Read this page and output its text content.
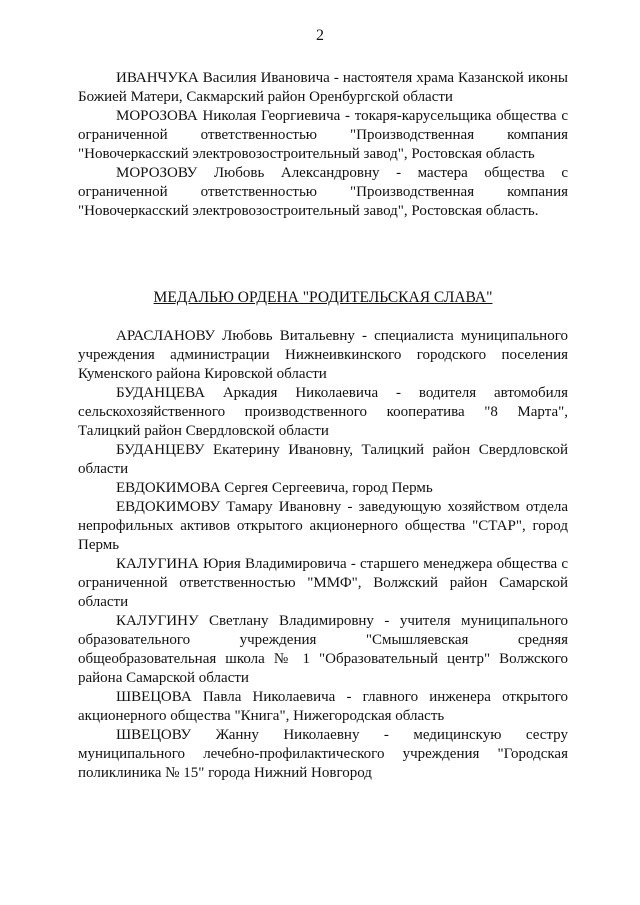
2

ИВАНЧУКА Василия Ивановича - настоятеля храма Казанской иконы Божией Матери, Сакмарский район Оренбургской области

МОРОЗОВА Николая Георгиевича - токаря-карусельщика общества с ограниченной ответственностью "Производственная компания "Новочеркасский электровозостроительный завод", Ростовская область

МОРОЗОВУ Любовь Александровну - мастера общества с ограниченной ответственностью "Производственная компания "Новочеркасский электровозостроительный завод", Ростовская область.

МЕДАЛЬЮ ОРДЕНА "РОДИТЕЛЬСКАЯ СЛАВА"

АРАСЛАНОВУ Любовь Витальевну - специалиста муниципального учреждения администрации Нижнеивкинского городского поселения Куменского района Кировской области

БУДАНЦЕВА Аркадия Николаевича - водителя автомобиля сельскохозяйственного производственного кооператива "8 Марта", Талицкий район Свердловской области

БУДАНЦЕВУ Екатерину Ивановну, Талицкий район Свердловской области

ЕВДОКИМОВА Сергея Сергеевича, город Пермь

ЕВДОКИМОВУ Тамару Ивановну - заведующую хозяйством отдела непрофильных активов открытого акционерного общества "СТАР", город Пермь

КАЛУГИНА Юрия Владимировича - старшего менеджера общества с ограниченной ответственностью "ММФ", Волжский район Самарской области

КАЛУГИНУ Светлану Владимировну - учителя муниципального образовательного учреждения "Смышляевская средняя общеобразовательная школа № 1 "Образовательный центр" Волжского района Самарской области

ШВЕЦОВА Павла Николаевича - главного инженера открытого акционерного общества "Книга", Нижегородская область

ШВЕЦОВУ Жанну Николаевну - медицинскую сестру муниципального лечебно-профилактического учреждения "Городская поликлиника № 15" города Нижний Новгород
